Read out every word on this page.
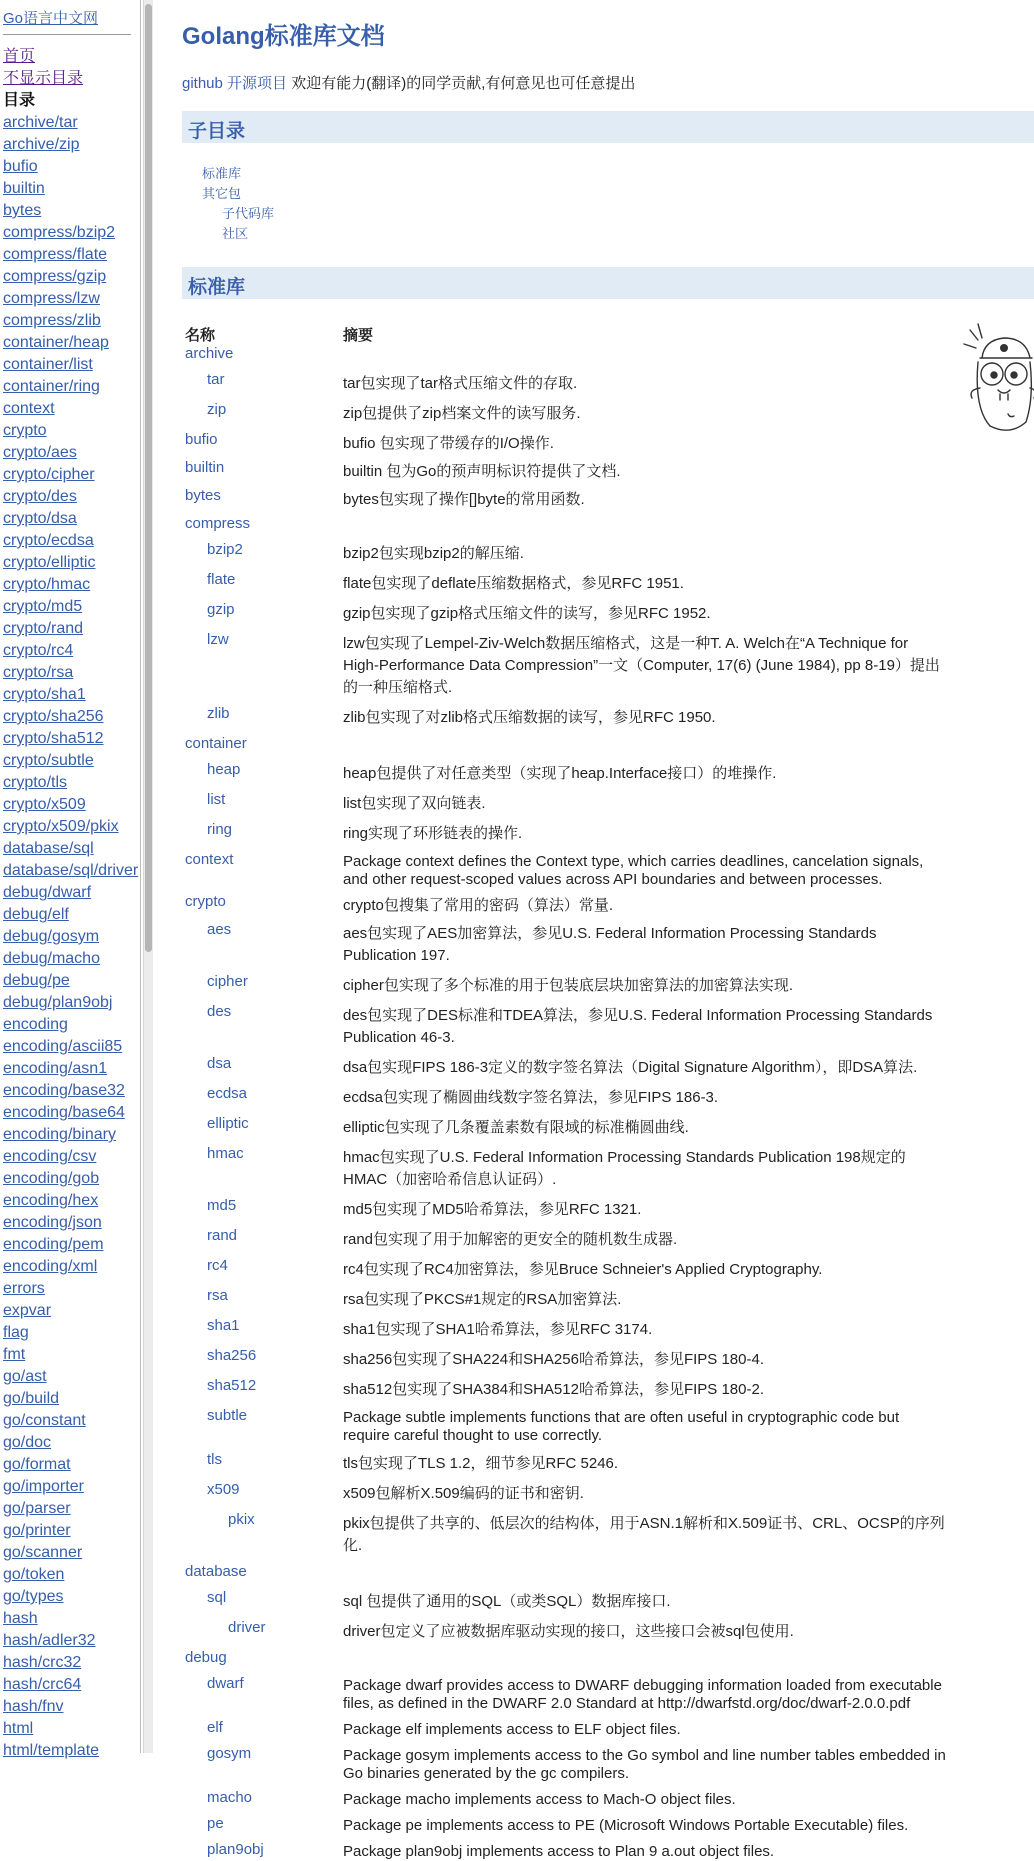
Go语言中文网
首页
不显示目录
目录
archive/tar
archive/zip
bufio
builtin
bytes
compress/bzip2
compress/flate
compress/gzip
compress/lzw
compress/zlib
container/heap
container/list
container/ring
context
crypto
crypto/aes
crypto/cipher
crypto/des
crypto/dsa
crypto/ecdsa
crypto/elliptic
crypto/hmac
crypto/md5
crypto/rand
crypto/rc4
crypto/rsa
crypto/sha1
crypto/sha256
crypto/sha512
crypto/subtle
crypto/tls
crypto/x509
crypto/x509/pkix
database/sql
database/sql/driver
debug/dwarf
debug/elf
debug/gosym
debug/macho
debug/pe
debug/plan9obj
encoding
encoding/ascii85
encoding/asn1
encoding/base32
encoding/base64
encoding/binary
encoding/csv
encoding/gob
encoding/hex
encoding/json
encoding/pem
encoding/xml
errors
expvar
flag
fmt
go/ast
go/build
go/constant
go/doc
go/format
go/importer
go/parser
go/printer
go/scanner
go/token
go/types
hash
hash/adler32
hash/crc32
hash/crc64
hash/fnv
html
html/template
Golang标准库文档
github 开源项目 欢迎有能力(翻译)的同学贡献,有何意见也可任意提出
子目录
标准库
其它包
子代码库
社区
标准库
名称	摘要
archive
tar	tar包实现了tar格式压缩文件的存取.
zip	zip包提供了zip档案文件的读写服务.
bufio	bufio 包实现了带缓存的I/O操作.
builtin	builtin 包为Go的预声明标识符提供了文档.
bytes	bytes包实现了操作[]byte的常用函数.
compress
bzip2	bzip2包实现bzip2的解压缩.
flate	flate包实现了deflate压缩数据格式，参见RFC 1951.
gzip	gzip包实现了gzip格式压缩文件的读写，参见RFC 1952.
lzw	lzw包实现了Lempel-Ziv-Welch数据压缩格式，这是一种T. A. Welch在“A Technique for High-Performance Data Compression”一文（Computer, 17(6) (June 1984), pp 8-19）提出的一种压缩格式.
zlib	zlib包实现了对zlib格式压缩数据的读写，参见RFC 1950.
container
heap	heap包提供了对任意类型（实现了heap.Interface接口）的堆操作.
list	list包实现了双向链表.
ring	ring实现了环形链表的操作.
context	Package context defines the Context type, which carries deadlines, cancelation signals, and other request-scoped values across API boundaries and between processes.
crypto	crypto包搜集了常用的密码（算法）常量.
aes	aes包实现了AES加密算法，参见U.S. Federal Information Processing Standards Publication 197.
cipher	cipher包实现了多个标准的用于包装底层块加密算法的加密算法实现.
des	des包实现了DES标准和TDEA算法，参见U.S. Federal Information Processing Standards Publication 46-3.
dsa	dsa包实现FIPS 186-3定义的数字签名算法（Digital Signature Algorithm），即DSA算法.
ecdsa	ecdsa包实现了椭圆曲线数字签名算法，参见FIPS 186-3.
elliptic	elliptic包实现了几条覆盖素数有限域的标准椭圆曲线.
hmac	hmac包实现了U.S. Federal Information Processing Standards Publication 198规定的HMAC（加密哈希信息认证码）.
md5	md5包实现了MD5哈希算法，参见RFC 1321.
rand	rand包实现了用于加解密的更安全的随机数生成器.
rc4	rc4包实现了RC4加密算法，参见Bruce Schneier's Applied Cryptography.
rsa	rsa包实现了PKCS#1规定的RSA加密算法.
sha1	sha1包实现了SHA1哈希算法，参见RFC 3174.
sha256	sha256包实现了SHA224和SHA256哈希算法，参见FIPS 180-4.
sha512	sha512包实现了SHA384和SHA512哈希算法，参见FIPS 180-2.
subtle	Package subtle implements functions that are often useful in cryptographic code but require careful thought to use correctly.
tls	tls包实现了TLS 1.2，细节参见RFC 5246.
x509	x509包解析X.509编码的证书和密钥.
pkix	pkix包提供了共享的、低层次的结构体，用于ASN.1解析和X.509证书、CRL、OCSP的序列化.
database
sql	sql 包提供了通用的SQL（或类SQL）数据库接口.
driver	driver包定义了应被数据库驱动实现的接口，这些接口会被sql包使用.
debug
dwarf	Package dwarf provides access to DWARF debugging information loaded from executable files, as defined in the DWARF 2.0 Standard at http://dwarfstd.org/doc/dwarf-2.0.0.pdf
elf	Package elf implements access to ELF object files.
gosym	Package gosym implements access to the Go symbol and line number tables embedded in Go binaries generated by the gc compilers.
macho	Package macho implements access to Mach-O object files.
pe	Package pe implements access to PE (Microsoft Windows Portable Executable) files.
plan9obj	Package plan9obj implements access to Plan 9 a.out object files.
